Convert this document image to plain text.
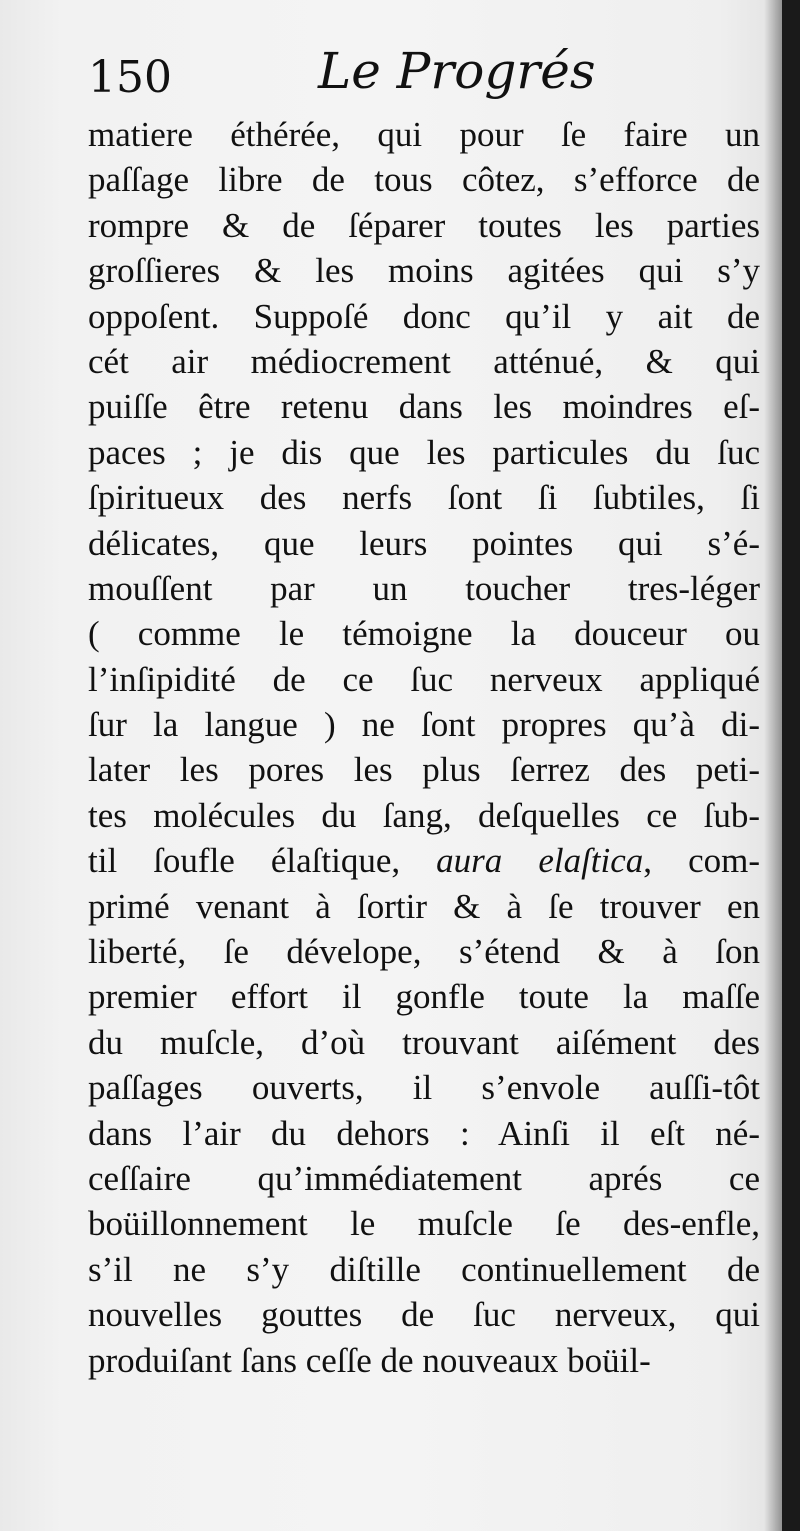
150	Le Progrés
matiere éthérée, qui pour ſe faire un
paſſage libre de tous côtez, s’efforce de
rompre & de ſéparer toutes les parties
groſſieres & les moins agitées qui s’y
oppoſent. Suppoſé donc qu’il y ait de
cét air médiocrement atténué, & qui
puiſſe être retenu dans les moindres eſ-
paces ; je dis que les particules du ſuc
ſpiritueux des nerfs ſont ſi ſubtiles, ſi
délicates, que leurs pointes qui s’é-
mouſſent par un toucher tres-léger
( comme le témoigne la douceur ou
l’inſipidité de ce ſuc nerveux appliqué
ſur la langue ) ne ſont propres qu’à di-
later les pores les plus ſerrez des peti-
tes molécules du ſang, deſquelles ce ſub-
til ſoufle élaſtique, aura elaſtica, com-
primé venant à ſortir & à ſe trouver en
liberté, ſe dévelope, s’étend & à ſon
premier effort il gonfle toute la maſſe
du muſcle, d’où trouvant aiſément des
paſſages ouverts, il s’envole auſſi-tôt
dans l’air du dehors : Ainſi il eſt né-
ceſſaire qu’immédiatement aprés ce
boüillonnement le muſcle ſe des-enfle,
s’il ne s’y diſtille continuellement de
nouvelles gouttes de ſuc nerveux, qui
produiſant ſans ceſſe de nouveaux boüil-
